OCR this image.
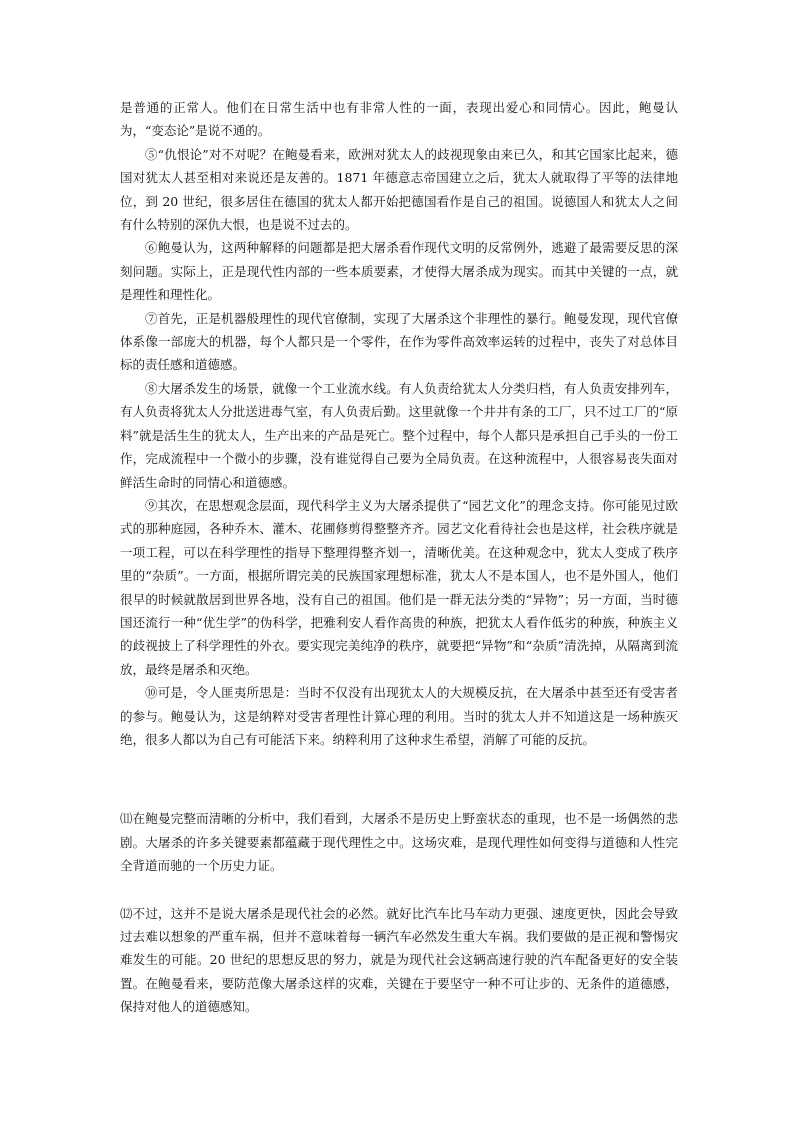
是普通的正常人。他们在日常生活中也有非常人性的一面，表现出爱心和同情心。因此，鲍曼认为，“变态论”是说不通的。

⑤“仇恨论”对不对呢？在鲍曼看来，欧洲对犹太人的歧视现象由来已久，和其它国家比起来，德国对犹太人甚至相对来说还是友善的。1871 年德意志帝国建立之后，犹太人就取得了平等的法律地位，到 20 世纪，很多居住在德国的犹太人都开始把德国看作是自己的祖国。说德国人和犹太人之间有什么特别的深仇大恨，也是说不过去的。

⑥鲍曼认为，这两种解释的问题都是把大屠杀看作现代文明的反常例外，逃避了最需要反思的深刻问题。实际上，正是现代性内部的一些本质要素，才使得大屠杀成为现实。而其中关键的一点，就是理性和理性化。

⑦首先，正是机器般理性的现代官僚制，实现了大屠杀这个非理性的暴行。鲍曼发现，现代官僚体系像一部庞大的机器，每个人都只是一个零件，在作为零件高效率运转的过程中，丧失了对总体目标的责任感和道德感。

⑧大屠杀发生的场景，就像一个工业流水线。有人负责给犹太人分类归档，有人负责安排列车，有人负责将犹太人分批送进毒气室，有人负责后勤。这里就像一个井井有条的工厂，只不过工厂的“原料”就是活生生的犹太人，生产出来的产品是死亡。整个过程中，每个人都只是承担自己手头的一份工作，完成流程中一个微小的步骤，没有谁觉得自己要为全局负责。在这种流程中，人很容易丧失面对鲜活生命时的同情心和道德感。

⑨其次，在思想观念层面，现代科学主义为大屠杀提供了“园艺文化”的理念支持。你可能见过欧式的那种庭园，各种乔木、灌木、花圃修剪得整整齐齐。园艺文化看待社会也是这样，社会秩序就是一项工程，可以在科学理性的指导下整理得整齐划一，清晰优美。在这种观念中，犹太人变成了秩序里的“杂质”。一方面，根据所谓完美的民族国家理想标准，犹太人不是本国人，也不是外国人，他们很早的时候就散居到世界各地，没有自己的祖国。他们是一群无法分类的“异物”；另一方面，当时德国还流行一种“优生学”的伪科学，把雅利安人看作高贵的种族，把犹太人看作低劣的种族，种族主义的歧视披上了科学理性的外衣。要实现完美纯净的秩序，就要把“异物”和“杂质”清洗掉，从隔离到流放，最终是屠杀和灭绝。

⑩可是，令人匪夷所思是：当时不仅没有出现犹太人的大规模反抗，在大屠杀中甚至还有受害者的参与。鲍曼认为，这是纳粹对受害者理性计算心理的利用。当时的犹太人并不知道这是一场种族灭绝，很多人都以为自己有可能活下来。纳粹利用了这种求生希望，消解了可能的反抗。

⑾在鲍曼完整而清晰的分析中，我们看到，大屠杀不是历史上野蛮状态的重现，也不是一场偶然的悲剧。大屠杀的许多关键要素都蕴藏于现代理性之中。这场灾难，是现代理性如何变得与道德和人性完全背道而驰的一个历史力证。

⑿不过，这并不是说大屠杀是现代社会的必然。就好比汽车比马车动力更强、速度更快，因此会导致过去难以想象的严重车祸，但并不意味着每一辆汽车必然发生重大车祸。我们要做的是正视和警惕灾难发生的可能。20 世纪的思想反思的努力，就是为现代社会这辆高速行驶的汽车配备更好的安全装置。在鲍曼看来，要防范像大屠杀这样的灾难，关键在于要坚守一种不可让步的、无条件的道德感，保持对他人的道德感知。
